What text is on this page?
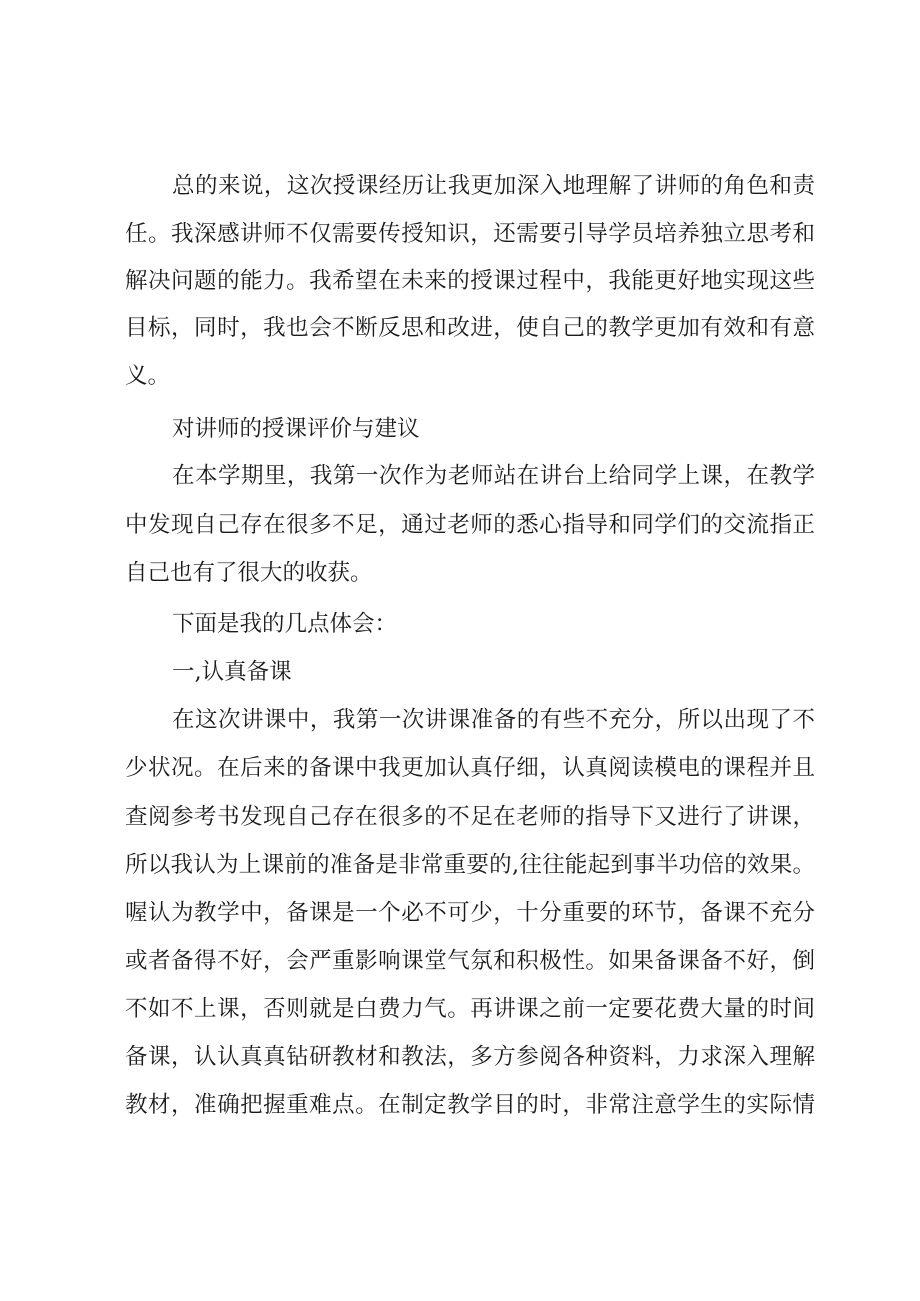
总的来说，这次授课经历让我更加深入地理解了讲师的角色和责
任。我深感讲师不仅需要传授知识，还需要引导学员培养独立思考和
解决问题的能力。我希望在未来的授课过程中，我能更好地实现这些
目标，同时，我也会不断反思和改进，使自己的教学更加有效和有意
义。
对讲师的授课评价与建议
在本学期里，我第一次作为老师站在讲台上给同学上课，在教学
中发现自己存在很多不足，通过老师的悉心指导和同学们的交流指正
自己也有了很大的收获。
下面是我的几点体会：
一,认真备课
在这次讲课中，我第一次讲课准备的有些不充分，所以出现了不
少状况。在后来的备课中我更加认真仔细，认真阅读模电的课程并且
查阅参考书发现自己存在很多的不足在老师的指导下又进行了讲课，
所以我认为上课前的准备是非常重要的,往往能起到事半功倍的效果。
喔认为教学中，备课是一个必不可少，十分重要的环节，备课不充分
或者备得不好，会严重影响课堂气氛和积极性。如果备课备不好，倒
不如不上课，否则就是白费力气。再讲课之前一定要花费大量的时间
备课，认认真真钻研教材和教法，多方参阅各种资料，力求深入理解
教材，准确把握重难点。在制定教学目的时，非常注意学生的实际情
